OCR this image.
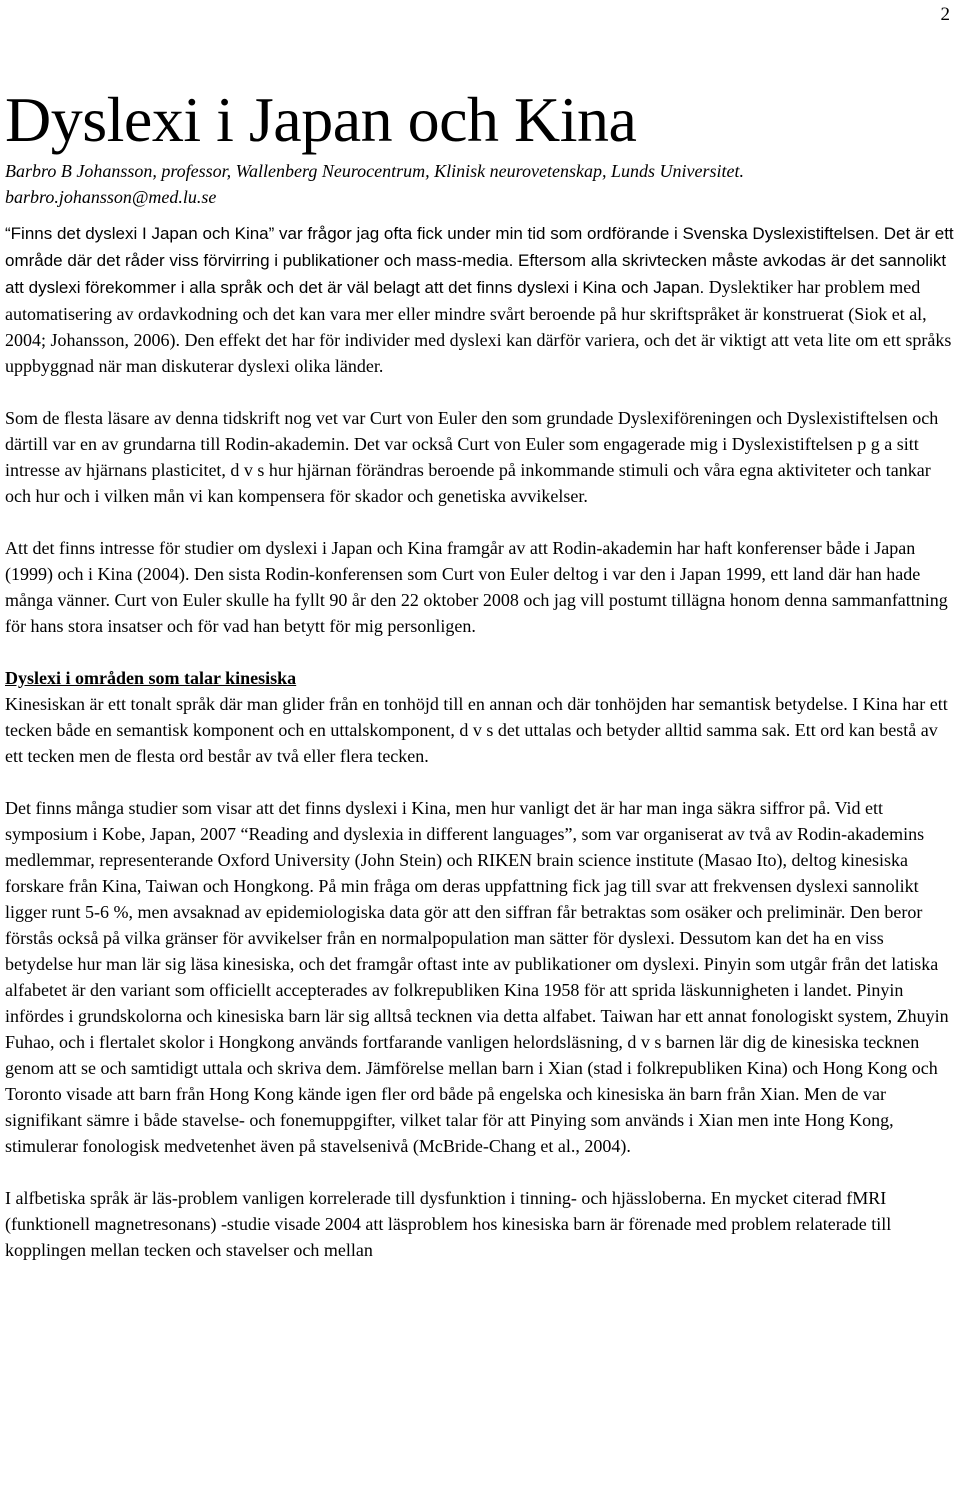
2
Dyslexi i Japan och Kina
Barbro B Johansson, professor, Wallenberg Neurocentrum, Klinisk neurovetenskap, Lunds Universitet.
barbro.johansson@med.lu.se

“Finns det dyslexi I Japan och Kina” var frågor jag ofta fick under min tid som ordförande i Svenska Dyslexistiftelsen. Det är ett område där det råder viss förvirring i publikationer och mass-media. Eftersom alla skrivtecken måste avkodas är det sannolikt att dyslexi förekommer i alla språk och det är väl belagt att det finns dyslexi i Kina och Japan. Dyslektiker har problem med automatisering av ordavkodning och det kan vara mer eller mindre svårt beroende på hur skriftspråket är konstruerat (Siok et al, 2004; Johansson, 2006). Den effekt det har för individer med dyslexi kan därför variera, och det är viktigt att veta lite om ett språks uppbyggnad när man diskuterar dyslexi olika länder.

Som de flesta läsare av denna tidskrift nog vet var Curt von Euler den som grundade Dyslexiföreningen och Dyslexistiftelsen och därtill var en av grundarna till Rodin-akademin. Det var också Curt von Euler som engagerade mig i Dyslexistiftelsen p g a sitt intresse av hjärnans plasticitet, d v s hur hjärnan förändras beroende på inkommande stimuli och våra egna aktiviteter och tankar och hur och i vilken mån vi kan kompensera för skador och genetiska avvikelser.

Att det finns intresse för studier om dyslexi i Japan och Kina framgår av att Rodin-akademin har haft konferenser både i Japan (1999) och i Kina (2004). Den sista Rodin-konferensen som Curt von Euler deltog i var den i Japan 1999, ett land där han hade många vänner. Curt von Euler skulle ha fyllt 90 år den 22 oktober 2008 och jag vill postumt tillägna honom denna sammanfattning för hans stora insatser och för vad han betytt för mig personligen.

Dyslexi i områden som talar kinesiska

Kinesiskan är ett tonalt språk där man glider från en tonhöjd till en annan och där tonhöjden har semantisk betydelse. I Kina har ett tecken både en semantisk komponent och en uttalskomponent, d v s det uttalas och betyder alltid samma sak. Ett ord kan bestå av ett tecken men de flesta ord består av två eller flera tecken.

Det finns många studier som visar att det finns dyslexi i Kina, men hur vanligt det är har man inga säkra siffror på. Vid ett symposium i Kobe, Japan, 2007 “Reading and dyslexia in different languages”, som var organiserat av två av Rodin-akademins medlemmar, representerande Oxford University (John Stein) och RIKEN brain science institute (Masao Ito), deltog kinesiska forskare från Kina, Taiwan och Hongkong. På min fråga om deras uppfattning fick jag till svar att frekvensen dyslexi sannolikt ligger runt 5-6 %, men avsaknad av epidemiologiska data gör att den siffran får betraktas som osäker och preliminär. Den beror förstås också på vilka gränser för avvikelser från en normalpopulation man sätter för dyslexi. Dessutom kan det ha en viss betydelse hur man lär sig läsa kinesiska, och det framgår oftast inte av publikationer om dyslexi. Pinyin som utgår från det latiska alfabetet är den variant som officiellt accepterades av folkrepubliken Kina 1958 för att sprida läskunnigheten i landet. Pinyin infördes i grundskolorna och kinesiska barn lär sig alltså tecknen via detta alfabet. Taiwan har ett annat fonologiskt system, Zhuyin Fuhao, och i flertalet skolor i Hongkong används fortfarande vanligen helordsläsning, d v s barnen lär dig de kinesiska tecknen genom att se och samtidigt uttala och skriva dem. Jämförelse mellan barn i Xian (stad i folkrepubliken Kina) och Hong Kong och Toronto visade att barn från Hong Kong kände igen fler ord både på engelska och kinesiska än barn från Xian. Men de var signifikant sämre i både stavelse- och fonemuppgifter, vilket talar för att Pinying som används i Xian men inte Hong Kong, stimulerar fonologisk medvetenhet även på stavelsenivå (McBride-Chang et al., 2004).

I alfbetiska språk är läs-problem vanligen korrelerade till dysfunktion i tinning- och hjässloberna. En mycket citerad fMRI (funktionell magnetresonans) -studie visade 2004 att läsproblem hos kinesiska barn är förenade med problem relaterade till kopplingen mellan tecken och stavelser och mellan
